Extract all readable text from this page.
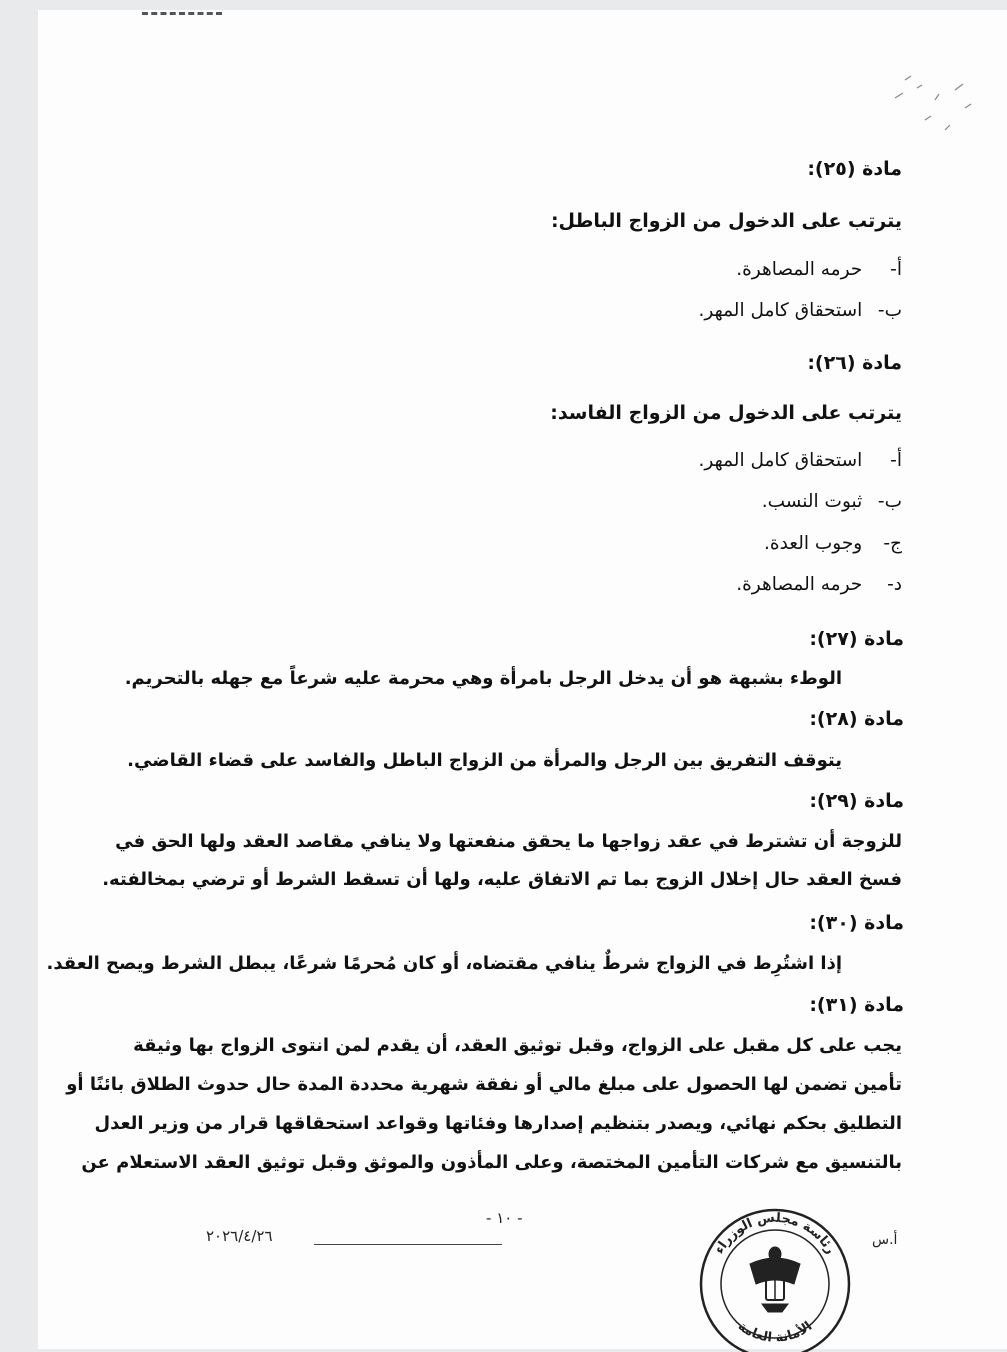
مادة (٢٥):
يترتب على الدخول من الزواج الباطل:
أ-  حرمه المصاهرة.
ب-  استحقاق كامل المهر.
مادة (٢٦):
يترتب على الدخول من الزواج الفاسد:
أ-  استحقاق كامل المهر.
ب-  ثبوت النسب.
ج-  وجوب العدة.
د-  حرمه المصاهرة.
مادة (٢٧):
الوطء بشبهة هو أن يدخل الرجل بامرأة وهي محرمة عليه شرعاً مع جهله بالتحريم.
مادة (٢٨):
يتوقف التفريق بين الرجل والمرأة من الزواج الباطل والفاسد على قضاء القاضي.
مادة (٢٩):
للزوجة أن تشترط في عقد زواجها ما يحقق منفعتها ولا ينافي مقاصد العقد ولها الحق في
فسخ العقد حال إخلال الزوج بما تم الاتفاق عليه، ولها أن تسقط الشرط أو ترضي بمخالفته.
مادة (٣٠):
إذا اشتُرِط في الزواج شرطٌ ينافي مقتضاه، أو كان مُحرمًا شرعًا، يبطل الشرط ويصح العقد.
مادة (٣١):
يجب على كل مقبل على الزواج، وقبل توثيق العقد، أن يقدم لمن انتوى الزواج بها وثيقة
تأمين تضمن لها الحصول على مبلغ مالي أو نفقة شهرية محددة المدة حال حدوث الطلاق بائنًا أو
التطليق بحكم نهائي، ويصدر بتنظيم إصدارها وفئاتها وقواعد استحقاقها قرار من وزير العدل
بالتنسيق مع شركات التأمين المختصة، وعلى المأذون والموثق وقبل توثيق العقد الاستعلام عن
- ١٠ -
٢٠٢٦/٤/٢٦	أ.س
رئاسة مجلس الوزراء
الأمانة العامة
